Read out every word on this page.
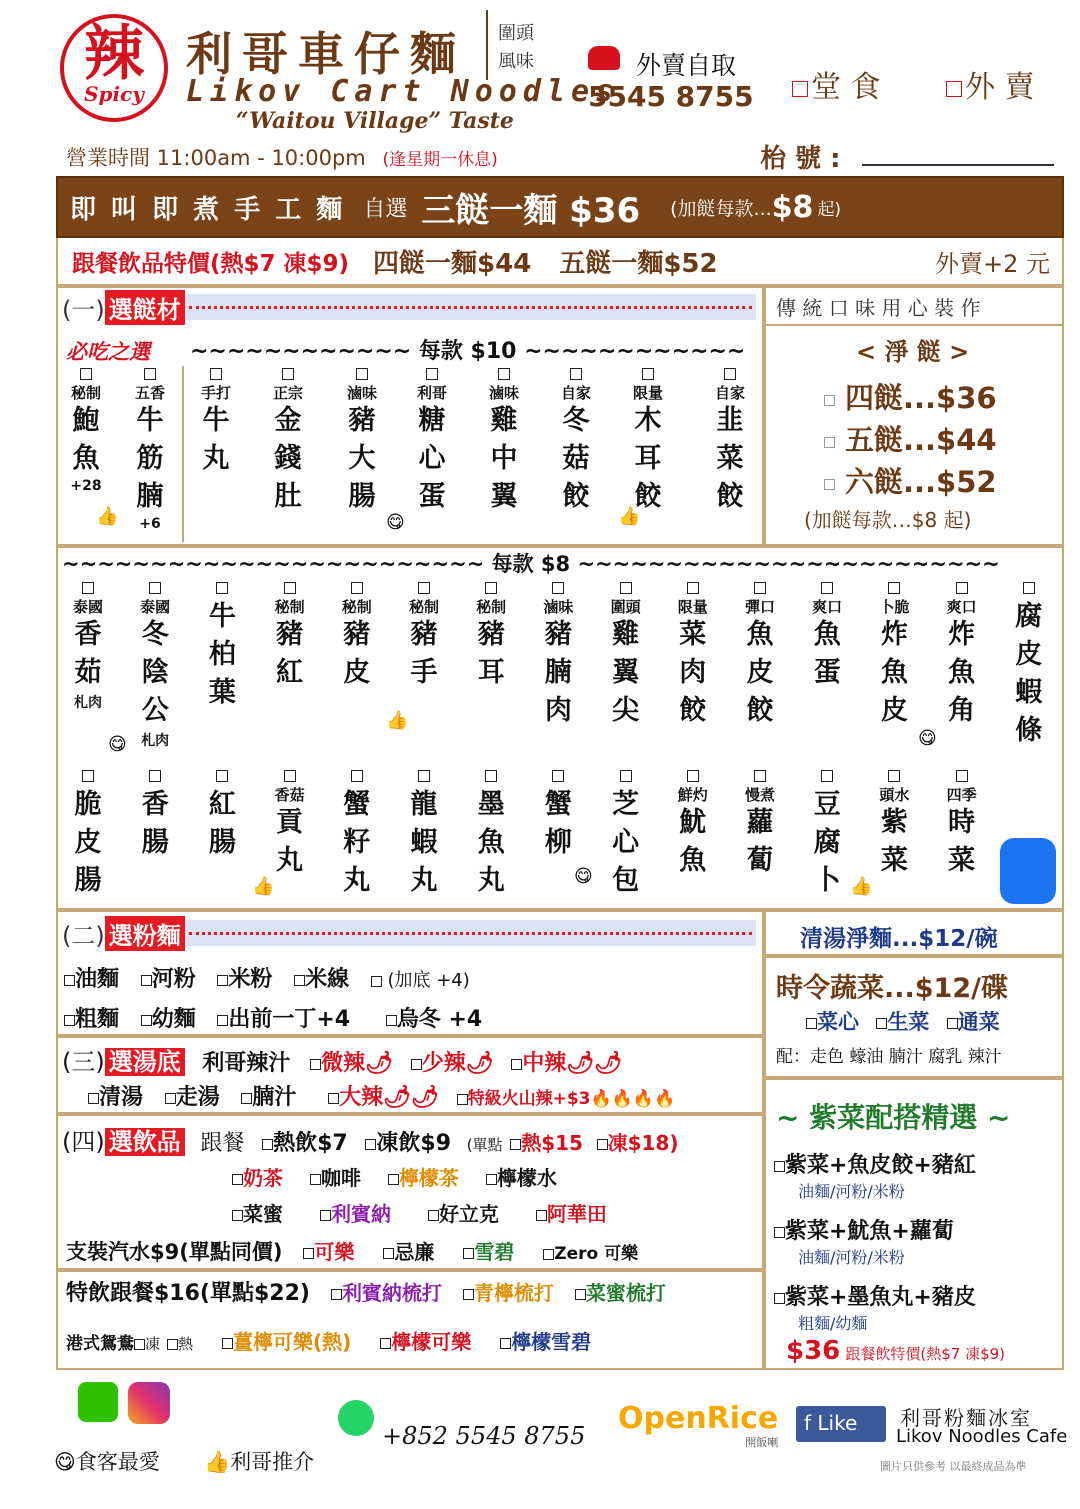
辣
Spicy
利哥車仔麵 圍頭
風味
Likov Cart Noodles
“Waitou Village” Taste
外賣自取
5545 8755	堂 食	外 賣
營業時間 11:00am - 10:00pm (逢星期一休息)	枱 號 :
即 叫 即 煮 手 工 麵 自選 三餸一麵 $36 (加餸每款... $8 起)
跟餐飲品特價(熱$7 凍$9) 四餸一麵$44 五餸一麵$52	外賣+2 元
(一) 選餸材
必吃之選 ~~~~~~~~~~~~ 每款 $10 ~~~~~~~~~~~~
秘制
鮑
魚
+28
五香
牛
筋
腩
+6
手打
牛
丸
正宗
金
錢
肚
滷味
豬
大
腸
利哥
糖
心
蛋
滷味
雞
中
翼
自家
冬
菇
餃
限量
木
耳
餃
自家
韭
菜
餃
傳 統 口 味 用 心 裝 作
< 淨 餸 >
四餸...$36
五餸...$44
六餸...$52
(加餸每款…$8 起)
~~~~~~~~~~~~~~~~~~~~~~~~ 每款 $8 ~~~~~~~~~~~~~~~~~~~~~~~~
泰國
香
茹
札肉
泰國
冬
陰
公
札肉
牛
柏
葉
秘制
豬
紅
秘制
豬
皮
秘制
豬
手
秘制
豬
耳
滷味
豬
腩
肉
圍頭
雞
翼
尖
限量
菜
肉
餃
彈口
魚
皮
餃
爽口
魚
蛋
卜脆
炸
魚
皮
爽口
炸
魚
角
腐
皮
蝦
條
脆
皮
腸
香
腸
紅
腸
香菇
貢
丸
蟹
籽
丸
龍
蝦
丸
墨
魚
丸
蟹
柳
芝
心
包
鮮灼
魷
魚
慢煮
蘿
蔔
豆
腐
卜
頭水
紫
菜
四季
時
菜
👍	😋	👍
😋
👍
😋
👍	😋	👍
(二) 選粉麵
油麵 河粉 米粉 米線 (加底 +4)
粗麵 幼麵 出前一丁+4 烏冬 +4
清湯淨麵...$12/碗
時令蔬菜...$12/碟
菜心 生菜 通菜
配：走色 蠔油 腩汁 腐乳 辣汁
(三) 選湯底 利哥辣汁 微辣🌶 少辣🌶 中辣🌶🌶
清湯 走湯 腩汁 大辣🌶🌶 特級火山辣+$3🔥🔥🔥🔥
(四) 選飲品 跟餐 熱飲$7 凍飲$9 (單點 熱$15 凍$18)
奶茶 咖啡 檸檬茶 檸檬水
菜蜜 利賓納 好立克 阿華田
支裝汽水$9(單點同價) 可樂 忌廉 雪碧 Zero 可樂
特飲跟餐$16(單點$22) 利賓納梳打 青檸梳打 菜蜜梳打
港式鴛鴦 凍 熱 薑檸可樂(熱) 檸檬可樂 檸檬雪碧
~ 紫菜配搭精選 ~
紫菜+魚皮餃+豬紅
油麵/河粉/米粉
紫菜+魷魚+蘿蔔
油麵/河粉/米粉
紫菜+墨魚丸+豬皮
粗麵/幼麵
$36 跟餐飲特價(熱$7 凍$9)
😋食客最愛 👍利哥推介
+852 5545 8755 OpenRice
開飯喇
f Like	利哥粉麵冰室
Likov Noodles Cafe
圖片只供參考 以最終成品為準
